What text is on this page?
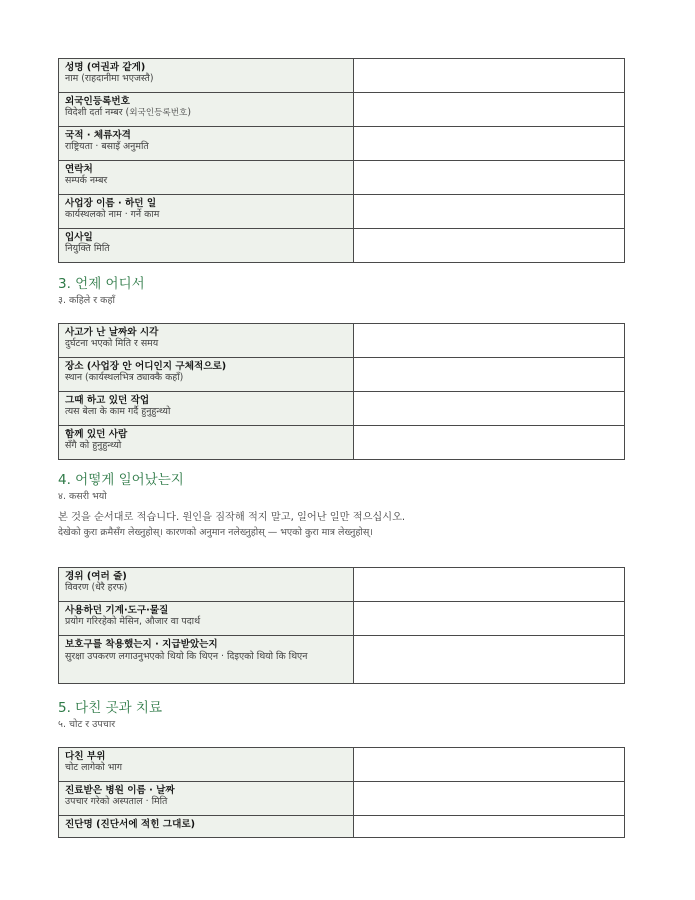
성명 (여권과 같게)
नाम (राहदानीमा भएजस्तै)	

외국인등록번호
विदेशी दर्ता नम्बर (외국인등록번호)	

국적 · 체류자격
राष्ट्रियता · बसाइँ अनुमति	

연락처
सम्पर्क नम्बर	

사업장 이름 · 하던 일
कार्यस्थलको नाम · गर्ने काम	

입사일
नियुक्ति मिति	

3. 언제 어디서
३. कहिले र कहाँ
사고가 난 날짜와 시각
दुर्घटना भएको मिति र समय	

장소 (사업장 안 어디인지 구체적으로)
स्थान (कार्यस्थलभित्र ठ्याक्कै कहाँ)	

그때 하고 있던 작업
त्यस बेला के काम गर्दै हुनुहुन्थ्यो	

함께 있던 사람
सँगै को हुनुहुन्थ्यो	

4. 어떻게 일어났는지
४. कसरी भयो
본 것을 순서대로 적습니다. 원인을 짐작해 적지 말고, 일어난 일만 적으십시오.
देखेको कुरा क्रमैसँग लेख्नुहोस्। कारणको अनुमान नलेख्नुहोस् — भएको कुरा मात्र लेख्नुहोस्।
경위 (여러 줄)
विवरण (धेरै हरफ)	

사용하던 기계·도구·물질
प्रयोग गरिरहेको मेसिन, औजार वा पदार्थ	

보호구를 착용했는지 · 지급받았는지
सुरक्षा उपकरण लगाउनुभएको थियो कि थिएन · दिइएको थियो कि थिएन	

5. 다친 곳과 치료
५. चोट र उपचार
다친 부위
चोट लागेको भाग	

진료받은 병원 이름 · 날짜
उपचार गरेको अस्पताल · मिति	

진단명 (진단서에 적힌 그대로)	
